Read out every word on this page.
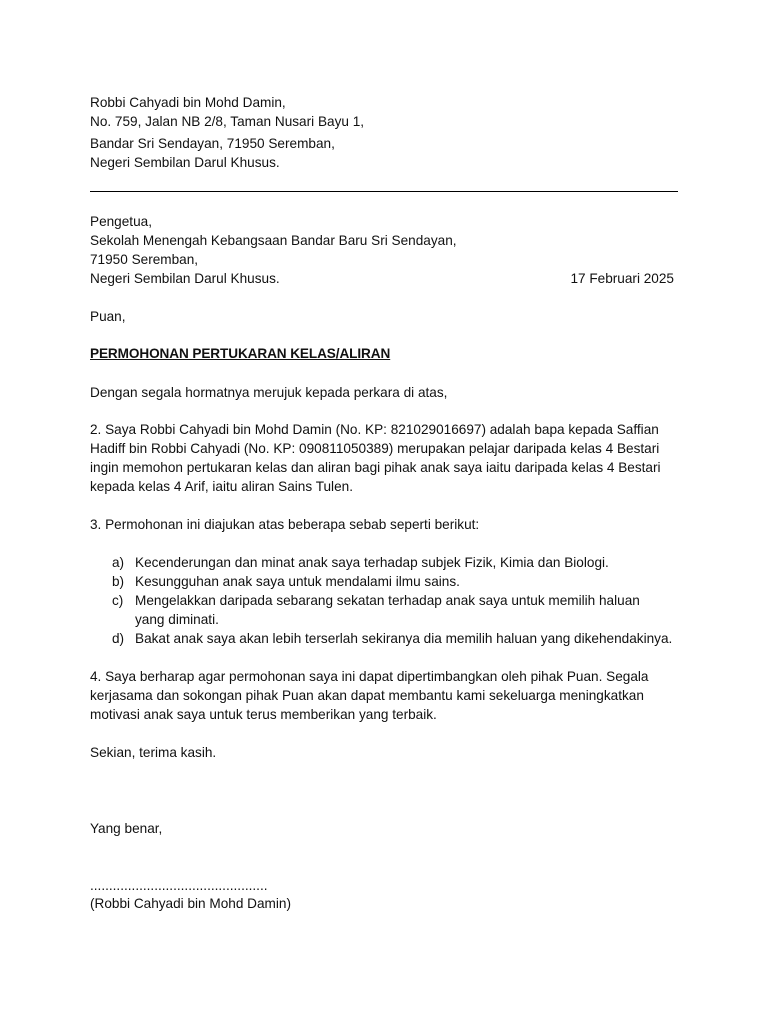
Robbi Cahyadi bin Mohd Damin,
No. 759, Jalan NB 2/8, Taman Nusari Bayu 1,
Bandar Sri Sendayan, 71950 Seremban,
Negeri Sembilan Darul Khusus.
Pengetua,
Sekolah Menengah Kebangsaan Bandar Baru Sri Sendayan,
71950 Seremban,
Negeri Sembilan Darul Khusus.	17 Februari 2025
Puan,
PERMOHONAN PERTUKARAN KELAS/ALIRAN
Dengan segala hormatnya merujuk kepada perkara di atas,

2. Saya Robbi Cahyadi bin Mohd Damin (No. KP: 821029016697) adalah bapa kepada Saffian

Hadiff bin Robbi Cahyadi (No. KP: 090811050389) merupakan pelajar daripada kelas 4 Bestari

ingin memohon pertukaran kelas dan aliran bagi pihak anak saya iaitu daripada kelas 4 Bestari

kepada kelas 4 Arif, iaitu aliran Sains Tulen.

3. Permohonan ini diajukan atas beberapa sebab seperti berikut:
a) Kecenderungan dan minat anak saya terhadap subjek Fizik, Kimia dan Biologi.
b) Kesungguhan anak saya untuk mendalami ilmu sains.
c) Mengelakkan daripada sebarang sekatan terhadap anak saya untuk memilih haluan
yang diminati.
d) Bakat anak saya akan lebih terserlah sekiranya dia memilih haluan yang dikehendakinya.

4. Saya berharap agar permohonan saya ini dapat dipertimbangkan oleh pihak Puan. Segala

kerjasama dan sokongan pihak Puan akan dapat membantu kami sekeluarga meningkatkan

motivasi anak saya untuk terus memberikan yang terbaik.

Sekian, terima kasih.
Yang benar,
...............................................
(Robbi Cahyadi bin Mohd Damin)
